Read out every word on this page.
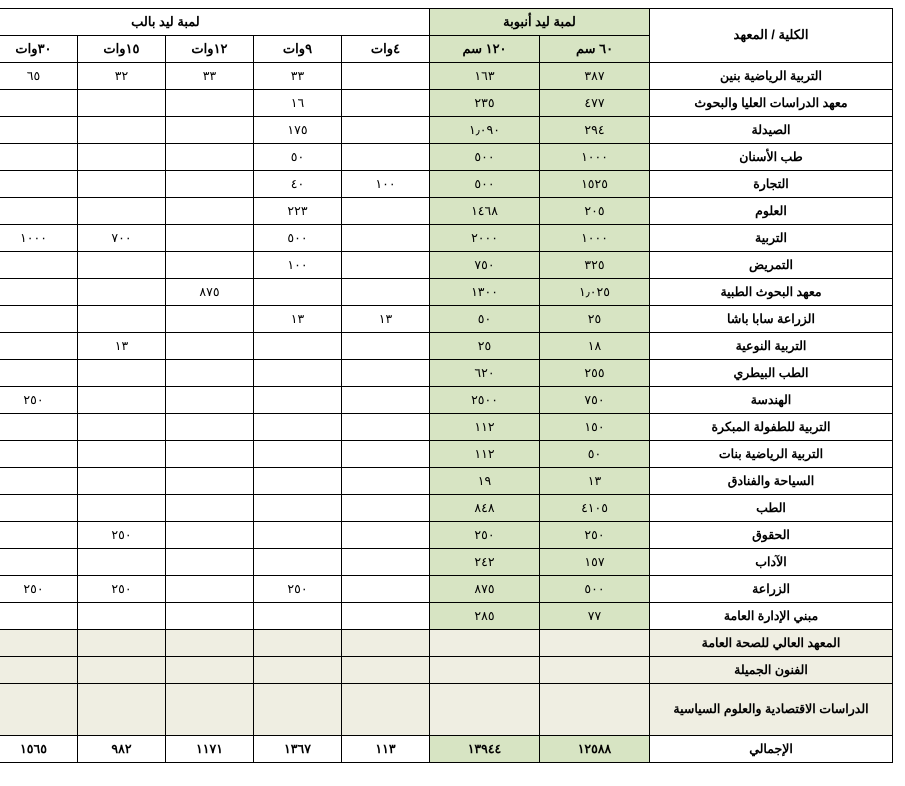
الكلية / المعهد	لمبة ليد أنبوبة		لمبة ليد بالب					
	٦٠ سم	١٢٠ سم	٤وات	٩وات	١٢وات	١٥وات	٣٠وات	
التربية الرياضية بنين	٣٨٧	١٦٣		٣٣	٣٣	٣٢	٦٥	
معهد الدراسات العليا والبحوث	٤٧٧	٢٣٥		١٦				
الصيدلة	٢٩٤	١٫٠٩٠		١٧٥				
طب الأسنان	١٠٠٠	٥٠٠		٥٠				
التجارة	١٥٢٥	٥٠٠	١٠٠	٤٠				
العلوم	٢٠٥	١٤٦٨		٢٢٣				
التربية	١٠٠٠	٢٠٠٠		٥٠٠		٧٠٠	١٠٠٠	
التمريض	٣٢٥	٧٥٠		١٠٠				
معهد البحوث الطبية	١٫٠٢٥	١٣٠٠			٨٧٥			
الزراعة سابا باشا	٢٥	٥٠	١٣	١٣				
التربية النوعية	١٨	٢٥				١٣		
الطب البيطري	٢٥٥	٦٢٠						
الهندسة	٧٥٠	٢٥٠٠					٢٥٠	
التربية للطفولة المبكرة	١٥٠	١١٢						
التربية الرياضية بنات	٥٠	١١٢						
السياحة والفنادق	١٣	١٩						
الطب	٤١٠٥	٨٤٨						
الحقوق	٢٥٠	٢٥٠				٢٥٠		
الآداب	١٥٧	٢٤٢						
الزراعة	٥٠٠	٨٧٥		٢٥٠		٢٥٠	٢٥٠	
مبني الإدارة العامة	٧٧	٢٨٥						
المعهد العالي للصحة العامة								
الفنون الجميلة								
الدراسات الاقتصادية والعلوم السياسية								
الإجمالي	١٢٥٨٨	١٣٩٤٤	١١٣	١٣٦٧	١١٧١	٩٨٢	١٥٦٥	
